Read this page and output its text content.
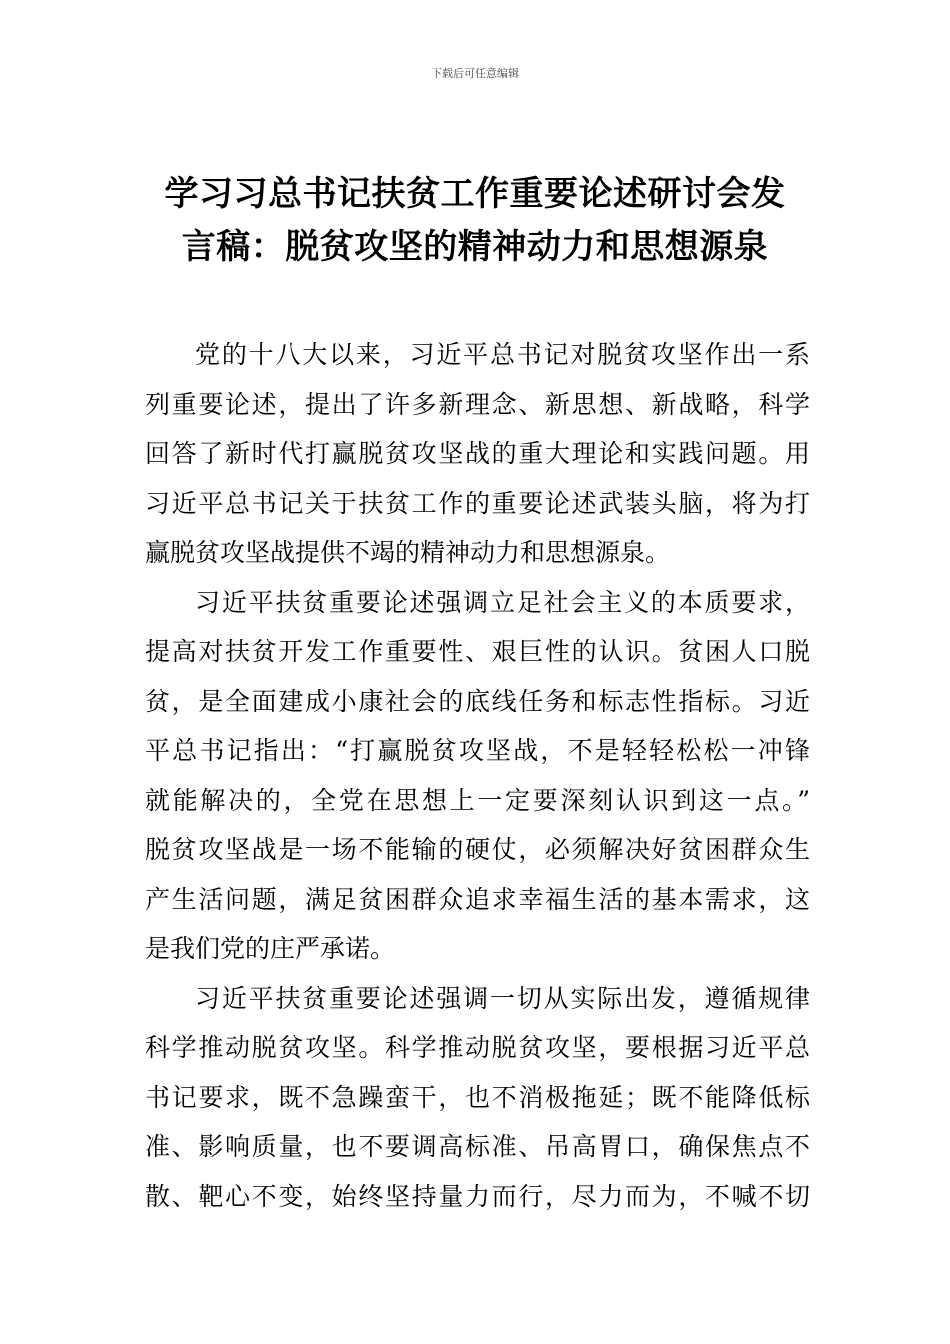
下载后可任意编辑
学习习总书记扶贫工作重要论述研讨会发
言稿：脱贫攻坚的精神动力和思想源泉
党的十八大以来，习近平总书记对脱贫攻坚作出一系
列重要论述，提出了许多新理念、新思想、新战略，科学
回答了新时代打赢脱贫攻坚战的重大理论和实践问题。用
习近平总书记关于扶贫工作的重要论述武装头脑，将为打
赢脱贫攻坚战提供不竭的精神动力和思想源泉。
习近平扶贫重要论述强调立足社会主义的本质要求，
提高对扶贫开发工作重要性、艰巨性的认识。贫困人口脱
贫，是全面建成小康社会的底线任务和标志性指标。习近
平总书记指出：“打赢脱贫攻坚战，不是轻轻松松一冲锋
就能解决的，全党在思想上一定要深刻认识到这一点。”
脱贫攻坚战是一场不能输的硬仗，必须解决好贫困群众生
产生活问题，满足贫困群众追求幸福生活的基本需求，这
是我们党的庄严承诺。
习近平扶贫重要论述强调一切从实际出发，遵循规律
科学推动脱贫攻坚。科学推动脱贫攻坚，要根据习近平总
书记要求，既不急躁蛮干，也不消极拖延；既不能降低标
准、影响质量，也不要调高标准、吊高胃口，确保焦点不
散、靶心不变，始终坚持量力而行，尽力而为，不喊不切
